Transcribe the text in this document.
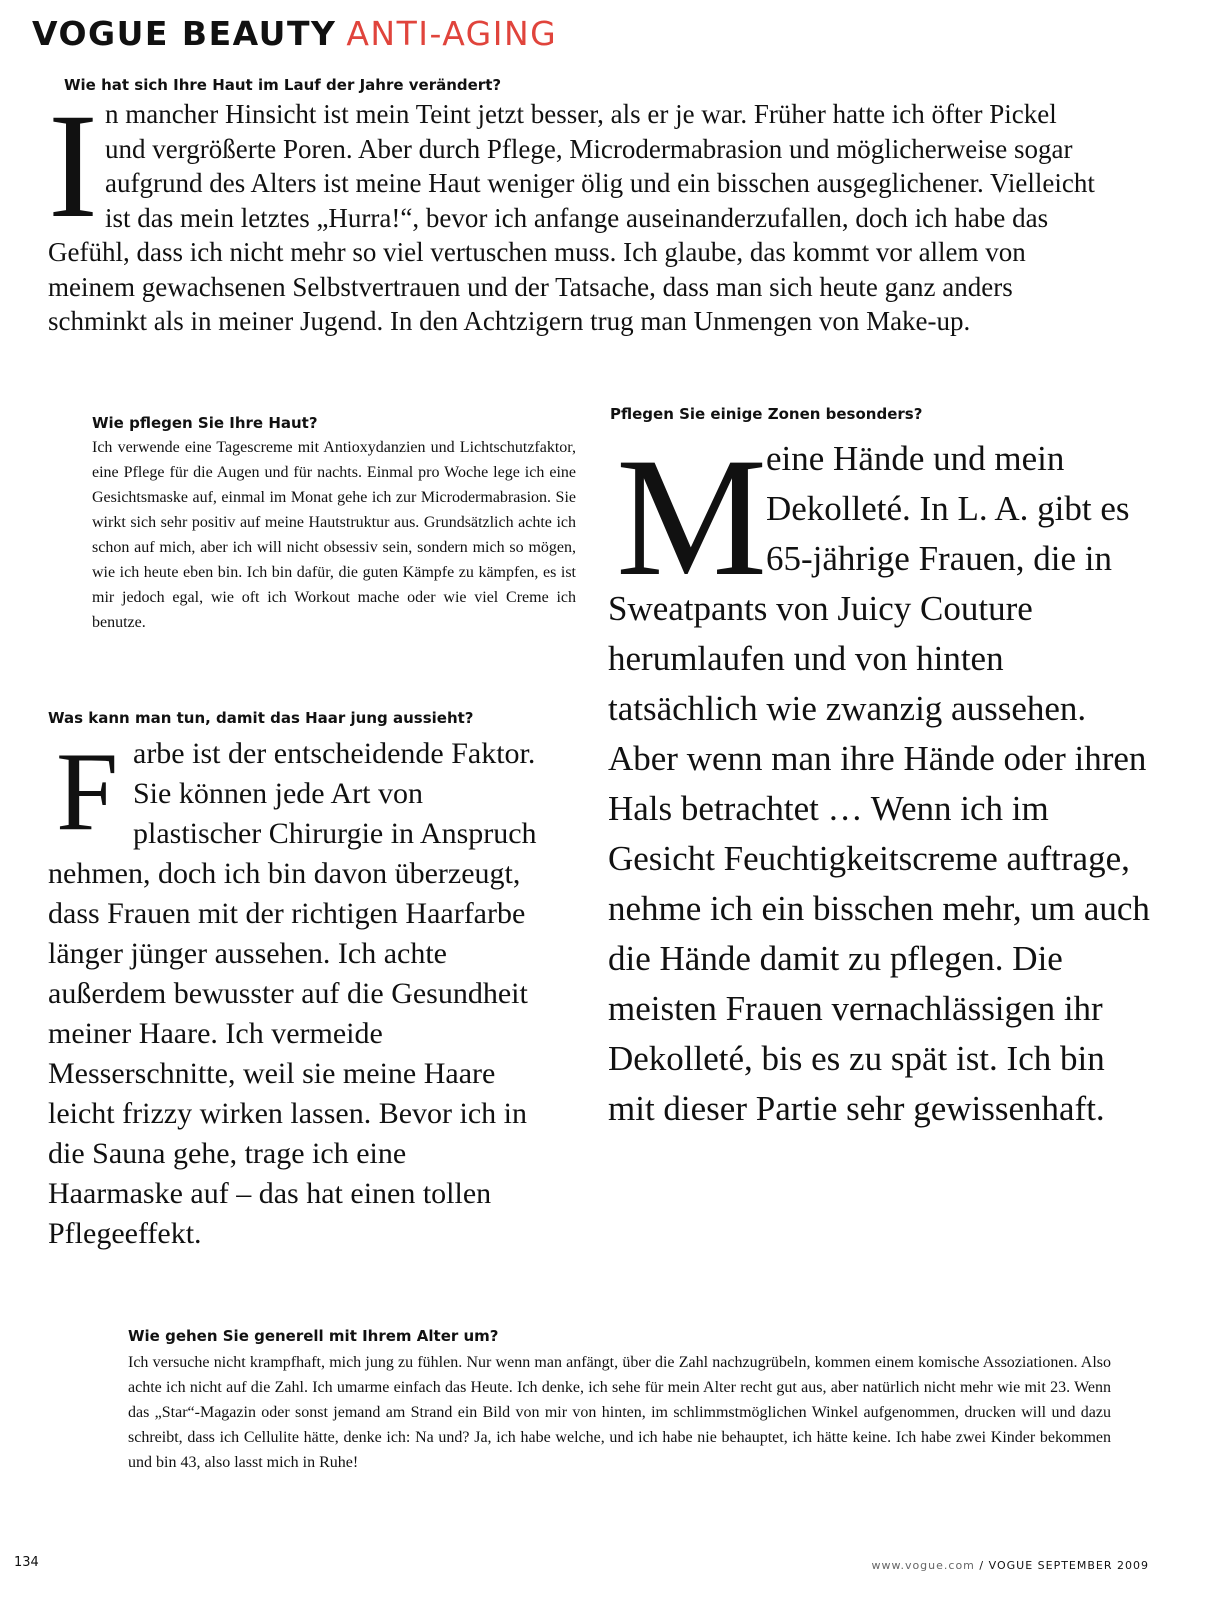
VOGUE BEAUTY ANTI-AGING
Wie hat sich Ihre Haut im Lauf der Jahre verändert?
I n mancher Hinsicht ist mein Teint jetzt besser, als er je war. Früher hatte ich öfter Pickel und vergrößerte Poren. Aber durch Pflege, Microdermabrasion und möglicherweise sogar aufgrund des Alters ist meine Haut weniger ölig und ein bisschen ausgeglichener. Vielleicht ist das mein letztes „Hurra!“, bevor ich anfange auseinanderzufallen, doch ich habe das Gefühl, dass ich nicht mehr so viel vertuschen muss. Ich glaube, das kommt vor allem von meinem gewachsenen Selbstvertrauen und der Tatsache, dass man sich heute ganz anders schminkt als in meiner Jugend. In den Achtzigern trug man Unmengen von Make-up.

Wie pflegen Sie Ihre Haut?
Ich verwende eine Tagescreme mit Antioxydanzien und Lichtschutzfaktor, eine Pflege für die Augen und für nachts. Einmal pro Woche lege ich eine Gesichtsmaske auf, einmal im Monat gehe ich zur Microdermabrasion. Sie wirkt sich sehr positiv auf meine Hautstruktur aus. Grundsätzlich achte ich schon auf mich, aber ich will nicht obsessiv sein, sondern mich so mögen, wie ich heute eben bin. Ich bin dafür, die guten Kämpfe zu kämpfen, es ist mir jedoch egal, wie oft ich Workout mache oder wie viel Creme ich benutze.
Pflegen Sie einige Zonen besonders?
M

eine Hände und mein Dekolleté. In L. A. gibt es 65-jährige Frauen, die in Sweatpants von Juicy Couture herumlaufen und von hinten tatsächlich wie zwanzig aussehen. Aber wenn man ihre Hände oder ihren Hals betrachtet … Wenn ich im Gesicht Feuchtigkeitscreme auftrage, nehme ich ein bisschen mehr, um auch die Hände damit zu pflegen. Die meisten Frauen vernachlässigen ihr Dekolleté, bis es zu spät ist. Ich bin mit dieser Partie sehr gewissenhaft.

Was kann man tun, damit das Haar jung aussieht?
F arbe ist der entscheidende Faktor. Sie können jede Art von plastischer Chirurgie in Anspruch nehmen, doch ich bin davon überzeugt, dass Frauen mit der richtigen Haarfarbe länger jünger aussehen. Ich achte außerdem bewusster auf die Gesundheit meiner Haare. Ich vermeide Messerschnitte, weil sie meine Haare leicht frizzy wirken lassen. Bevor ich in die Sauna gehe, trage ich eine Haarmaske auf – das hat einen tollen Pflegeeffekt.

Wie gehen Sie generell mit Ihrem Alter um?
Ich versuche nicht krampfhaft, mich jung zu fühlen. Nur wenn man anfängt, über die Zahl nachzugrübeln, kommen einem komische Assoziationen. Also achte ich nicht auf die Zahl. Ich umarme einfach das Heute. Ich denke, ich sehe für mein Alter recht gut aus, aber natürlich nicht mehr wie mit 23. Wenn das „Star“-Magazin oder sonst jemand am Strand ein Bild von mir von hinten, im schlimmstmöglichen Winkel aufgenommen, drucken will und dazu schreibt, dass ich Cellulite hätte, denke ich: Na und? Ja, ich habe welche, und ich habe nie behauptet, ich hätte keine. Ich habe zwei Kinder bekommen und bin 43, also lasst mich in Ruhe!
134	www.vogue.com / VOGUE SEPTEMBER 2009
